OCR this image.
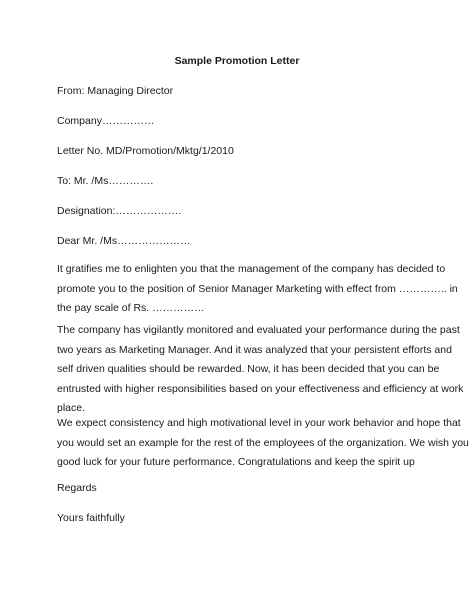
Sample Promotion Letter
From: Managing Director
Company……………
Letter No. MD/Promotion/Mktg/1/2010
To: Mr. /Ms………….
Designation:……………….
Dear Mr. /Ms…………………
It gratifies me to enlighten you that the management of the company has decided to
promote you to the position of Senior Manager Marketing with effect from ………….. in
the pay scale of Rs. ……………
The company has vigilantly monitored and evaluated your performance during the past
two years as Marketing Manager. And it was analyzed that your persistent efforts and
self driven qualities should be rewarded. Now, it has been decided that you can be
entrusted with higher responsibilities based on your effectiveness and efficiency at work
place.
We expect consistency and high motivational level in your work behavior and hope that
you would set an example for the rest of the employees of the organization. We wish you
good luck for your future performance. Congratulations and keep the spirit up
Regards
Yours faithfully
